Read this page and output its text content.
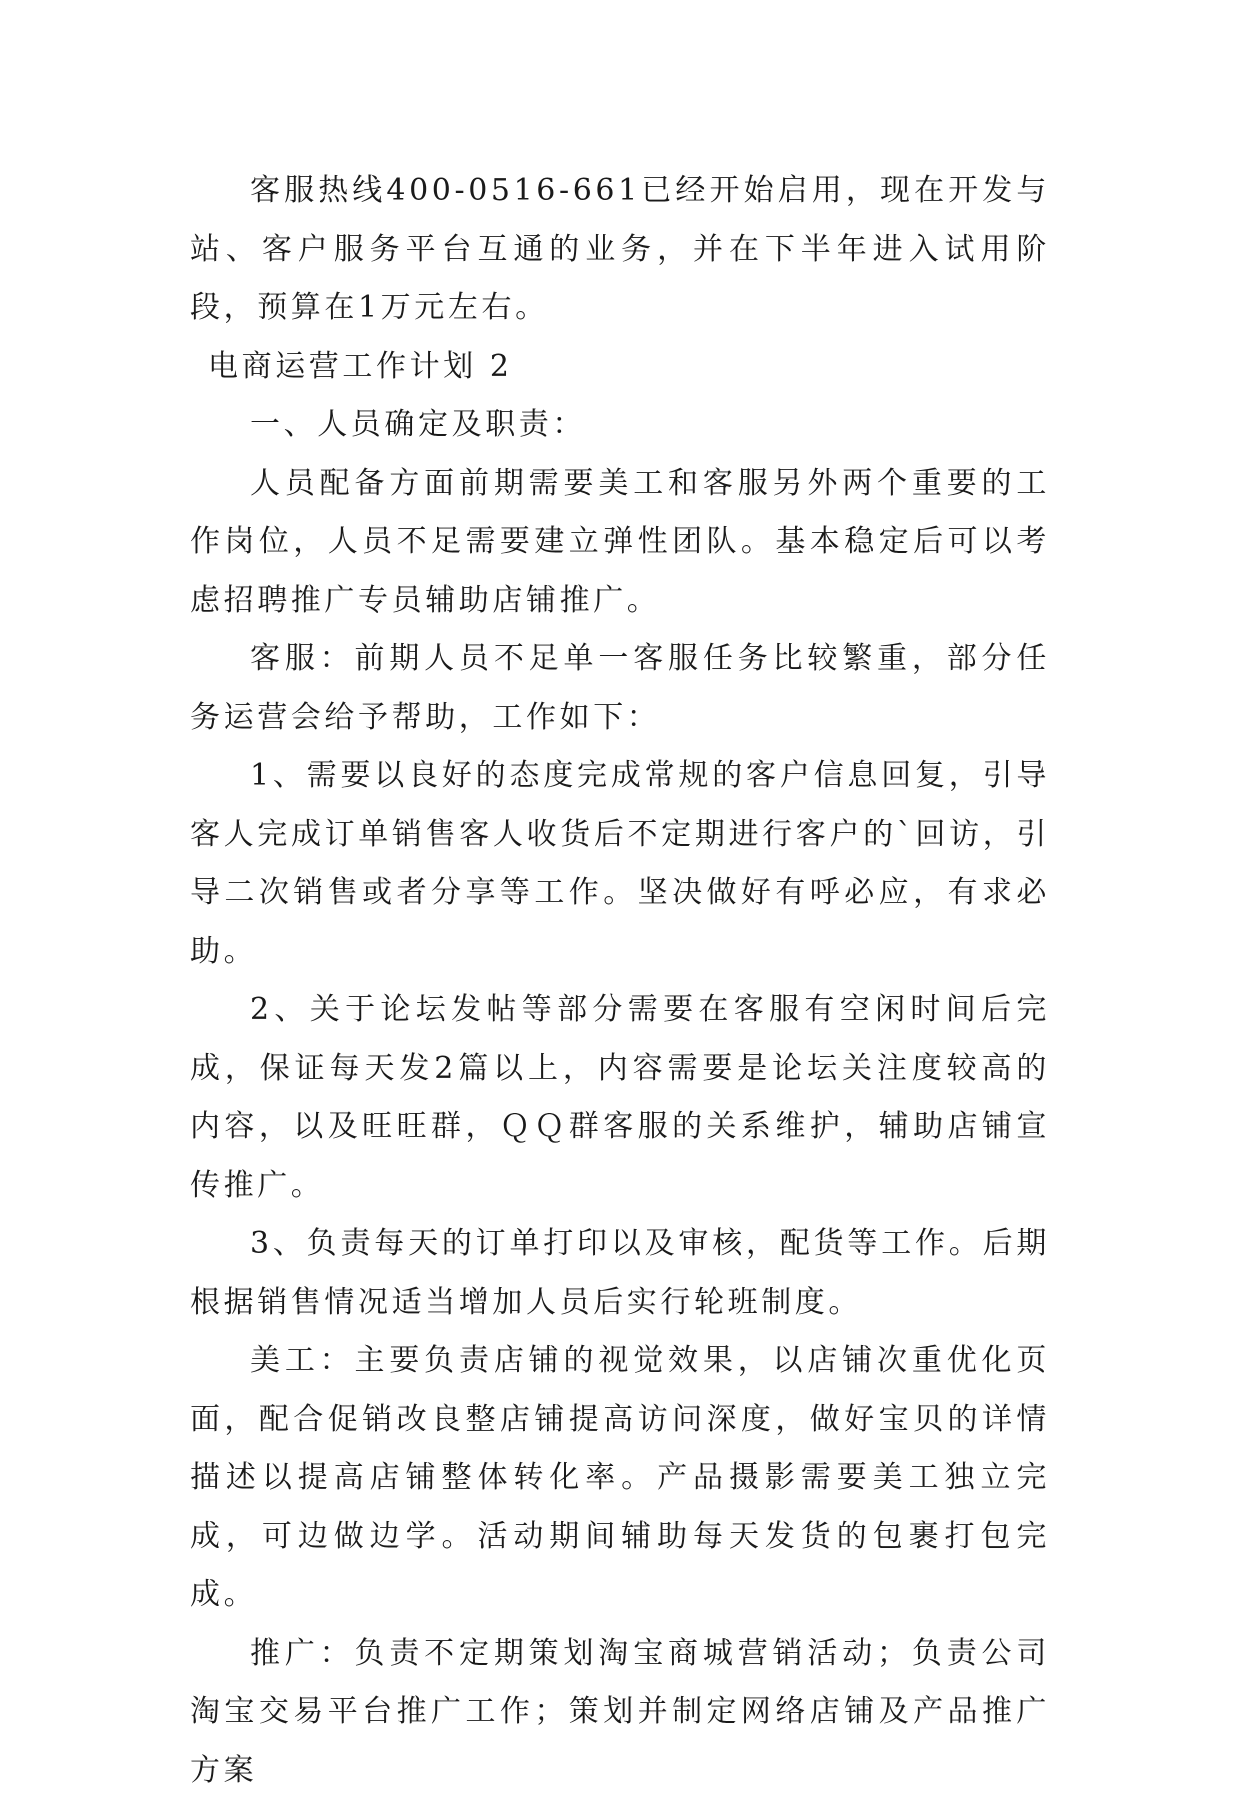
客服热线400-0516-661已经开始启用，现在开发与站、客户服务平台互通的业务，并在下半年进入试用阶段，预算在1万元左右。

电商运营工作计划 2

一、人员确定及职责：

人员配备方面前期需要美工和客服另外两个重要的工作岗位，人员不足需要建立弹性团队。基本稳定后可以考虑招聘推广专员辅助店铺推广。

客服：前期人员不足单一客服任务比较繁重，部分任务运营会给予帮助，工作如下：

1、需要以良好的态度完成常规的客户信息回复，引导客人完成订单销售客人收货后不定期进行客户的`回访，引导二次销售或者分享等工作。坚决做好有呼必应，有求必助。

2、关于论坛发帖等部分需要在客服有空闲时间后完成，保证每天发2篇以上，内容需要是论坛关注度较高的内容，以及旺旺群，ＱＱ群客服的关系维护，辅助店铺宣传推广。

3、负责每天的订单打印以及审核，配货等工作。后期根据销售情况适当增加人员后实行轮班制度。

美工：主要负责店铺的视觉效果，以店铺次重优化页面，配合促销改良整店铺提高访问深度，做好宝贝的详情描述以提高店铺整体转化率。产品摄影需要美工独立完成，可边做边学。活动期间辅助每天发货的包裹打包完成。

推广：负责不定期策划淘宝商城营销活动；负责公司淘宝交易平台推广工作；策划并制定网络店铺及产品推广方案
